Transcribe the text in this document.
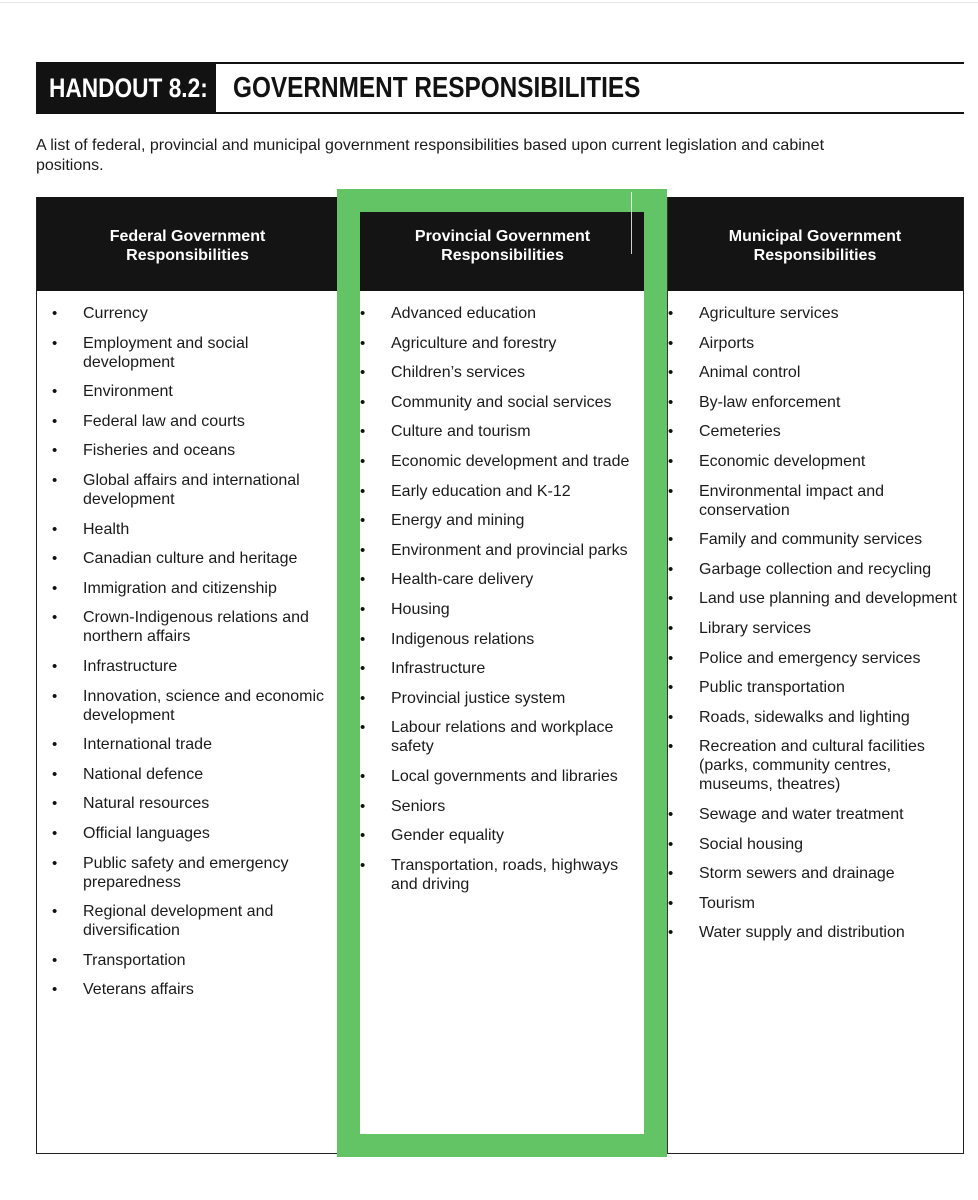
HANDOUT 8.2: GOVERNMENT RESPONSIBILITIES
A list of federal, provincial and municipal government responsibilities based upon current legislation and cabinet positions.
Federal Government
Responsibilities
Provincial Government
Responsibilities
Municipal Government
Responsibilities
• Currency
• Employment and social development
• Environment
• Federal law and courts
• Fisheries and oceans
• Global affairs and international development
• Health
• Canadian culture and heritage
• Immigration and citizenship
• Crown-Indigenous relations and northern affairs
• Infrastructure
• Innovation, science and economic development
• International trade
• National defence
• Natural resources
• Official languages
• Public safety and emergency preparedness
• Regional development and diversification
• Transportation
• Veterans affairs
• Advanced education
• Agriculture and forestry
• Children’s services
• Community and social services
• Culture and tourism
• Economic development and trade
• Early education and K-12
• Energy and mining
• Environment and provincial parks
• Health-care delivery
• Housing
• Indigenous relations
• Infrastructure
• Provincial justice system
• Labour relations and workplace safety
• Local governments and libraries
• Seniors
• Gender equality
• Transportation, roads, highways and driving
• Agriculture services
• Airports
• Animal control
• By-law enforcement
• Cemeteries
• Economic development
• Environmental impact and conservation
• Family and community services
• Garbage collection and recycling
• Land use planning and development
• Library services
• Police and emergency services
• Public transportation
• Roads, sidewalks and lighting
• Recreation and cultural facilities (parks, community centres, museums, theatres)
• Sewage and water treatment
• Social housing
• Storm sewers and drainage
• Tourism
• Water supply and distribution
